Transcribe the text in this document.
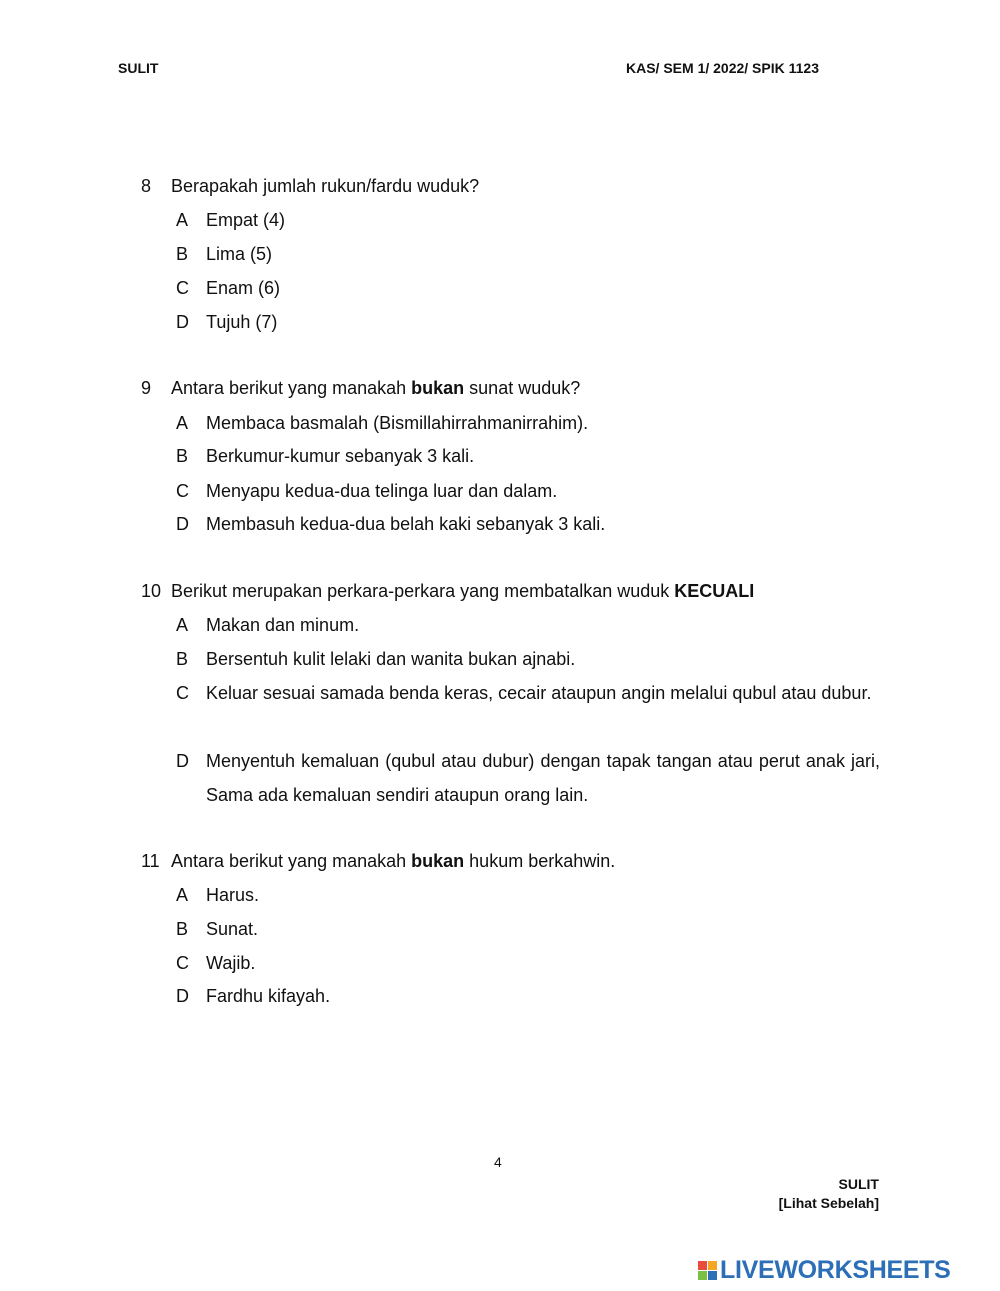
SULIT	KAS/ SEM 1/ 2022/ SPIK 1123
8 Berapakah jumlah rukun/fardu wuduk?
A Empat (4)
B Lima (5)
C Enam (6)
D Tujuh (7)
9 Antara berikut yang manakah bukan sunat wuduk?
A Membaca basmalah (Bismillahirrahmanirrahim).
B Berkumur-kumur sebanyak 3 kali.
C Menyapu kedua-dua telinga luar dan dalam.
D Membasuh kedua-dua belah kaki sebanyak 3 kali.
10 Berikut merupakan perkara-perkara yang membatalkan wuduk KECUALI
A Makan dan minum.
B Bersentuh kulit lelaki dan wanita bukan ajnabi.
C Keluar sesuai samada benda keras, cecair ataupun angin melalui qubul atau dubur.
D Menyentuh kemaluan (qubul atau dubur) dengan tapak tangan atau perut anak jari, Sama ada kemaluan sendiri ataupun orang lain.
11 Antara berikut yang manakah bukan hukum berkahwin.
A Harus.
B Sunat.
C Wajib.
D Fardhu kifayah.
4
SULIT
[Lihat Sebelah]
LIVEWORKSHEETS
